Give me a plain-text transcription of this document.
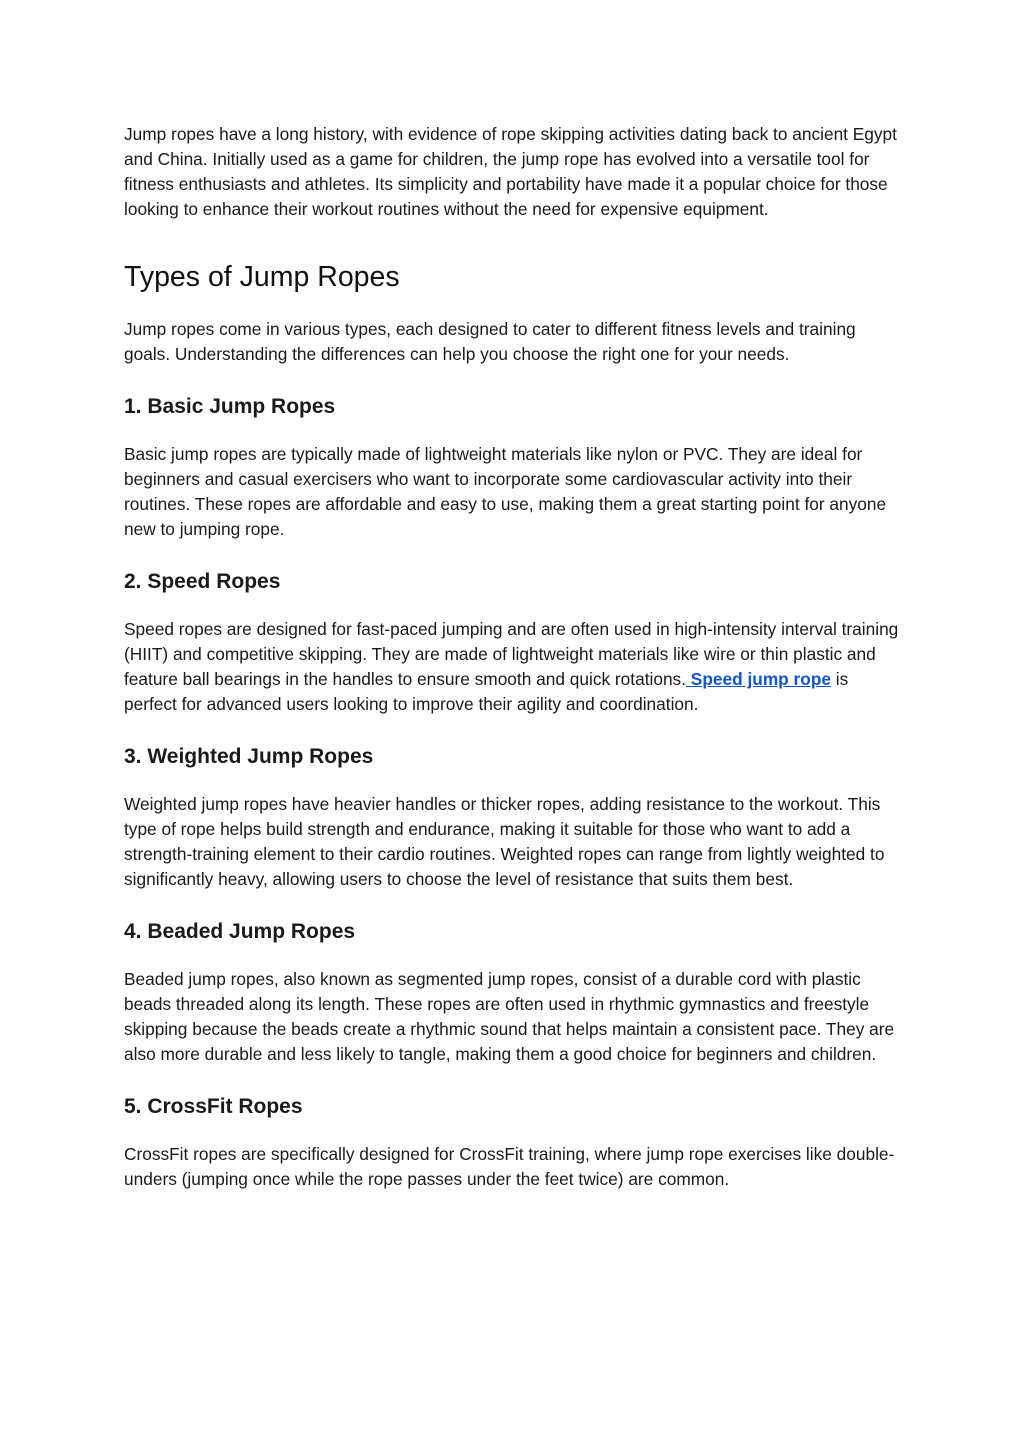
Jump ropes have a long history, with evidence of rope skipping activities dating back to ancient Egypt and China. Initially used as a game for children, the jump rope has evolved into a versatile tool for fitness enthusiasts and athletes. Its simplicity and portability have made it a popular choice for those looking to enhance their workout routines without the need for expensive equipment.

Types of Jump Ropes

Jump ropes come in various types, each designed to cater to different fitness levels and training goals. Understanding the differences can help you choose the right one for your needs.

1. Basic Jump Ropes

Basic jump ropes are typically made of lightweight materials like nylon or PVC. They are ideal for beginners and casual exercisers who want to incorporate some cardiovascular activity into their routines. These ropes are affordable and easy to use, making them a great starting point for anyone new to jumping rope.

2. Speed Ropes

Speed ropes are designed for fast-paced jumping and are often used in high-intensity interval training (HIIT) and competitive skipping. They are made of lightweight materials like wire or thin plastic and feature ball bearings in the handles to ensure smooth and quick rotations. Speed jump rope is perfect for advanced users looking to improve their agility and coordination.

3. Weighted Jump Ropes

Weighted jump ropes have heavier handles or thicker ropes, adding resistance to the workout. This type of rope helps build strength and endurance, making it suitable for those who want to add a strength-training element to their cardio routines. Weighted ropes can range from lightly weighted to significantly heavy, allowing users to choose the level of resistance that suits them best.

4. Beaded Jump Ropes

Beaded jump ropes, also known as segmented jump ropes, consist of a durable cord with plastic beads threaded along its length. These ropes are often used in rhythmic gymnastics and freestyle skipping because the beads create a rhythmic sound that helps maintain a consistent pace. They are also more durable and less likely to tangle, making them a good choice for beginners and children.

5. CrossFit Ropes

CrossFit ropes are specifically designed for CrossFit training, where jump rope exercises like double-unders (jumping once while the rope passes under the feet twice) are common.
